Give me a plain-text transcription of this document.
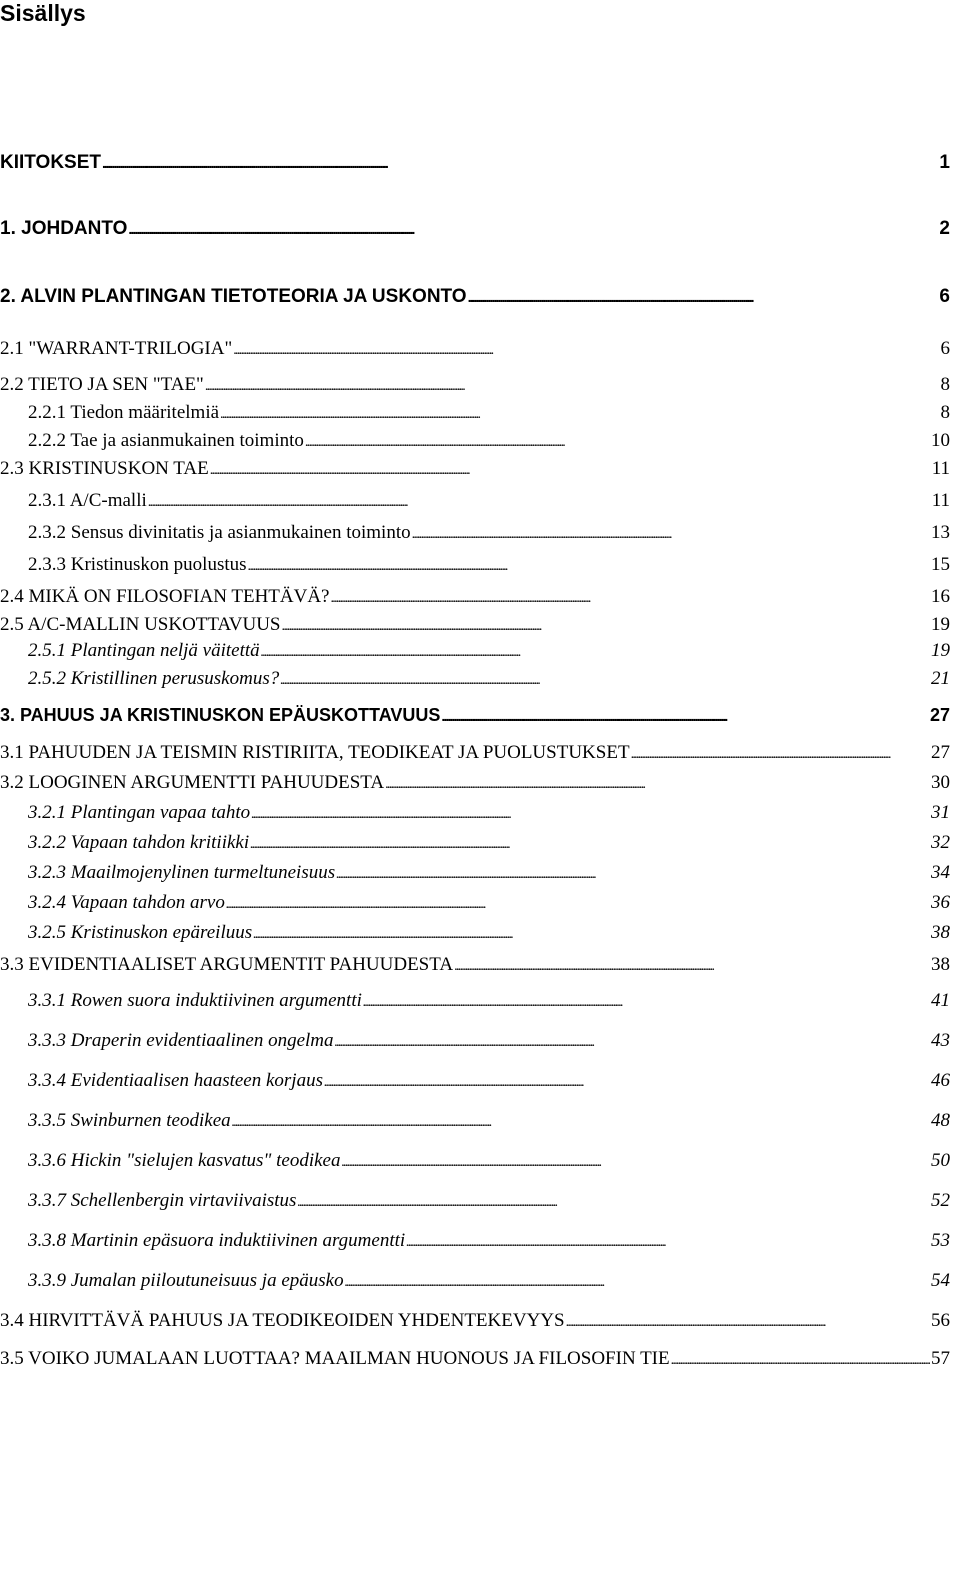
Sisällys
KIITOKSET . . .	1
1. JOHDANTO . . .	2
2. ALVIN PLANTINGAN TIETOTEORIA JA USKONTO . . .	6
2.1 "WARRANT-TRILOGIA" . . .	6
2.2 TIETO JA SEN "TAE" . . .	8
2.2.1 Tiedon määritelmiä . . .	8
2.2.2 Tae ja asianmukainen toiminto . . .	10
2.3 KRISTINUSKON TAE . . .	11
2.3.1 A/C-malli . . .	11
2.3.2 Sensus divinitatis ja asianmukainen toiminto . . .	13
2.3.3 Kristinuskon puolustus . . .	15
2.4 MIKÄ ON FILOSOFIAN TEHTÄVÄ? . . .	16
2.5 A/C-MALLIN USKOTTAVUUS . . .	19
2.5.1 Plantingan neljä väitettä . . .	19
2.5.2 Kristillinen perususkomus? . . .	21
3. PAHUUS JA KRISTINUSKON EPÄUSKOTTAVUUS . . .	27
3.1 PAHUUDEN JA TEISMIN RISTIRIITA, TEODIKEAT JA PUOLUSTUKSET . . .	27
3.2 LOOGINEN ARGUMENTTI PAHUUDESTA . . .	30
3.2.1 Plantingan vapaa tahto . . .	31
3.2.2 Vapaan tahdon kritiikki . . .	32
3.2.3 Maailmojenylinen turmeltuneisuus . . .	34
3.2.4 Vapaan tahdon arvo . . .	36
3.2.5 Kristinuskon epäreiluus . . .	38
3.3 EVIDENTIAALISET ARGUMENTIT PAHUUDESTA . . .	38
3.3.1 Rowen suora induktiivinen argumentti . . .	41
3.3.3 Draperin evidentiaalinen ongelma . . .	43
3.3.4 Evidentiaalisen haasteen korjaus . . .	46
3.3.5 Swinburnen teodikea . . .	48
3.3.6 Hickin "sielujen kasvatus" teodikea . . .	50
3.3.7 Schellenbergin virtaviivaistus . . .	52
3.3.8 Martinin epäsuora induktiivinen argumentti . . .	53
3.3.9 Jumalan piiloutuneisuus ja epäusko . . .	54
3.4 HIRVITTÄVÄ PAHUUS JA TEODIKEOIDEN YHDENTEKEVYYS . . .	56
3.5 VOIKO JUMALAAN LUOTTAA? MAAILMAN HUONOUS JA FILOSOFIN TIE . . .	57
